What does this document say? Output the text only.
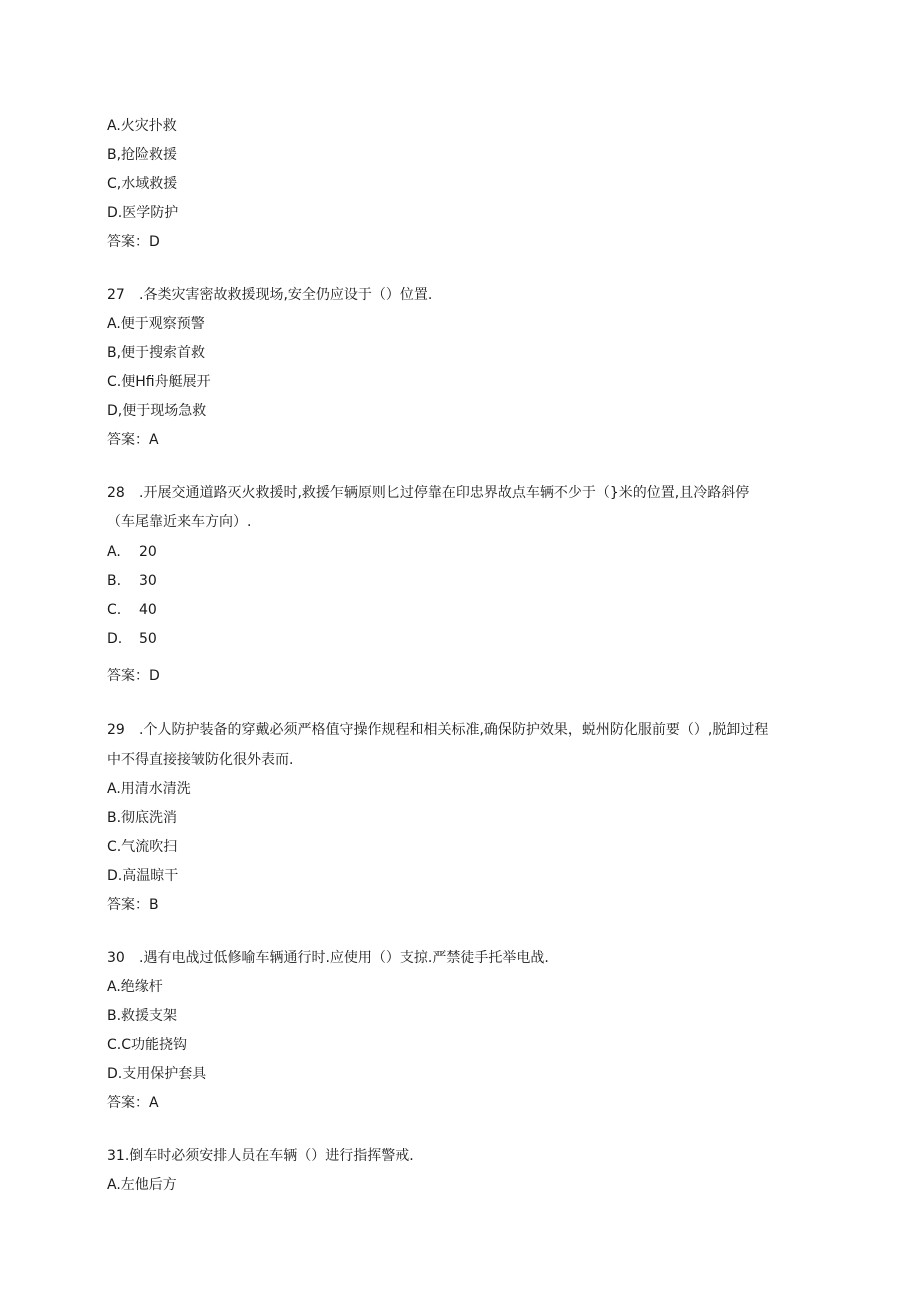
A.火灾扑救
B,抢险救援
C,水域救援
D.医学防护
答案：D
27 .各类灾害密故救援现场,安全仍应设于（）位置.
A.便于观察预警
B,便于搜索首救
C.便Hfi舟艇展开
D,便于现场急救
答案：A
28 .开展交通道路灭火救援时,救援乍辆原则匕过停靠在印忠界故点车辆不少于（}米的位置,且冷路斜停
（车尾靠近来车方向）.
A. 20
B. 30
C. 40
D. 50
答案：D
29 .个人防护装备的穿戴必须严格值守操作规程和相关标准,确保防护效果，蜕州防化服前要（）,脱卸过程
中不得直接接皱防化很外表而.
A.用清水清洗
B.彻底洗消
C.气流吹扫
D.高温晾干
答案：B
30 .遇有电战过低修喻车辆通行时.应使用（）支掠.严禁徒手托举电战.
A.绝缘杆
B.救援支架
C.C功能挠钩
D.支用保护套具
答案：A
31.倒车时必须安排人员在车辆（）进行指挥警戒.
A.左他后方
